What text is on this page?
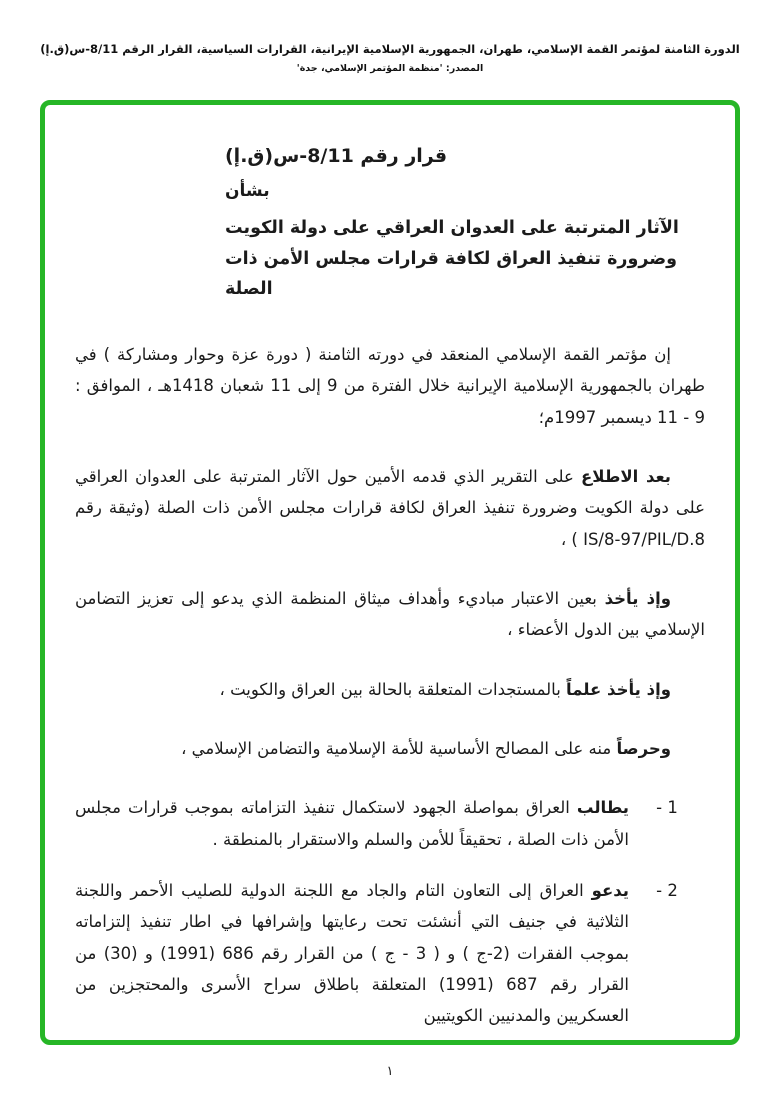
الدورة الثامنة لمؤتمر القمة الإسلامي، طهران، الجمهورية الإسلامية الإيرانية، القرارات السياسية، القرار الرقم 8/11-س(ق.إ)
المصدر: 'منظمة المؤتمر الإسلامي، جدة'
قرار رقم 8/11-س(ق.إ)
بشأن
الآثار المترتبة على العدوان العراقي على دولة الكويت
وضرورة تنفيذ العراق لكافة قرارات مجلس الأمن ذات الصلة

إن مؤتمر القمة الإسلامي المنعقد في دورته الثامنة ( دورة عزة وحوار ومشاركة ) في طهران بالجمهورية الإسلامية الإيرانية خلال الفترة من 9 إلى 11 شعبان 1418هـ ، الموافق : 9 - 11 ديسمبر 1997م؛

بعد الاطلاع على التقرير الذي قدمه الأمين حول الآثار المترتبة على العدوان العراقي على دولة الكويت وضرورة تنفيذ العراق لكافة قرارات مجلس الأمن ذات الصلة (وثيقة رقم IS/8-97/PIL/D.8 ) ،

وإذ يأخذ بعين الاعتبار مباديء وأهداف ميثاق المنظمة الذي يدعو إلى تعزيز التضامن الإسلامي بين الدول الأعضاء ،

وإذ يأخذ علماً بالمستجدات المتعلقة بالحالة بين العراق والكويت ،

وحرصاً منه على المصالح الأساسية للأمة الإسلامية والتضامن الإسلامي ،

1 -

يطالب العراق بمواصلة الجهود لاستكمال تنفيذ التزاماته بموجب قرارات مجلس الأمن ذات الصلة ، تحقيقاً للأمن والسلم والاستقرار بالمنطقة .

2 -

يدعو العراق إلى التعاون التام والجاد مع اللجنة الدولية للصليب الأحمر واللجنة الثلاثية في جنيف التي أنشئت تحت رعايتها وإشرافها في اطار تنفيذ إلتزاماته بموجب الفقرات (2-ج ) و ( 3 - ج ) من القرار رقم 686 (1991) و (30) من القرار رقم 687 (1991) المتعلقة باطلاق سراح الأسرى والمحتجزين من العسكريين والمدنيين الكويتيين

١
